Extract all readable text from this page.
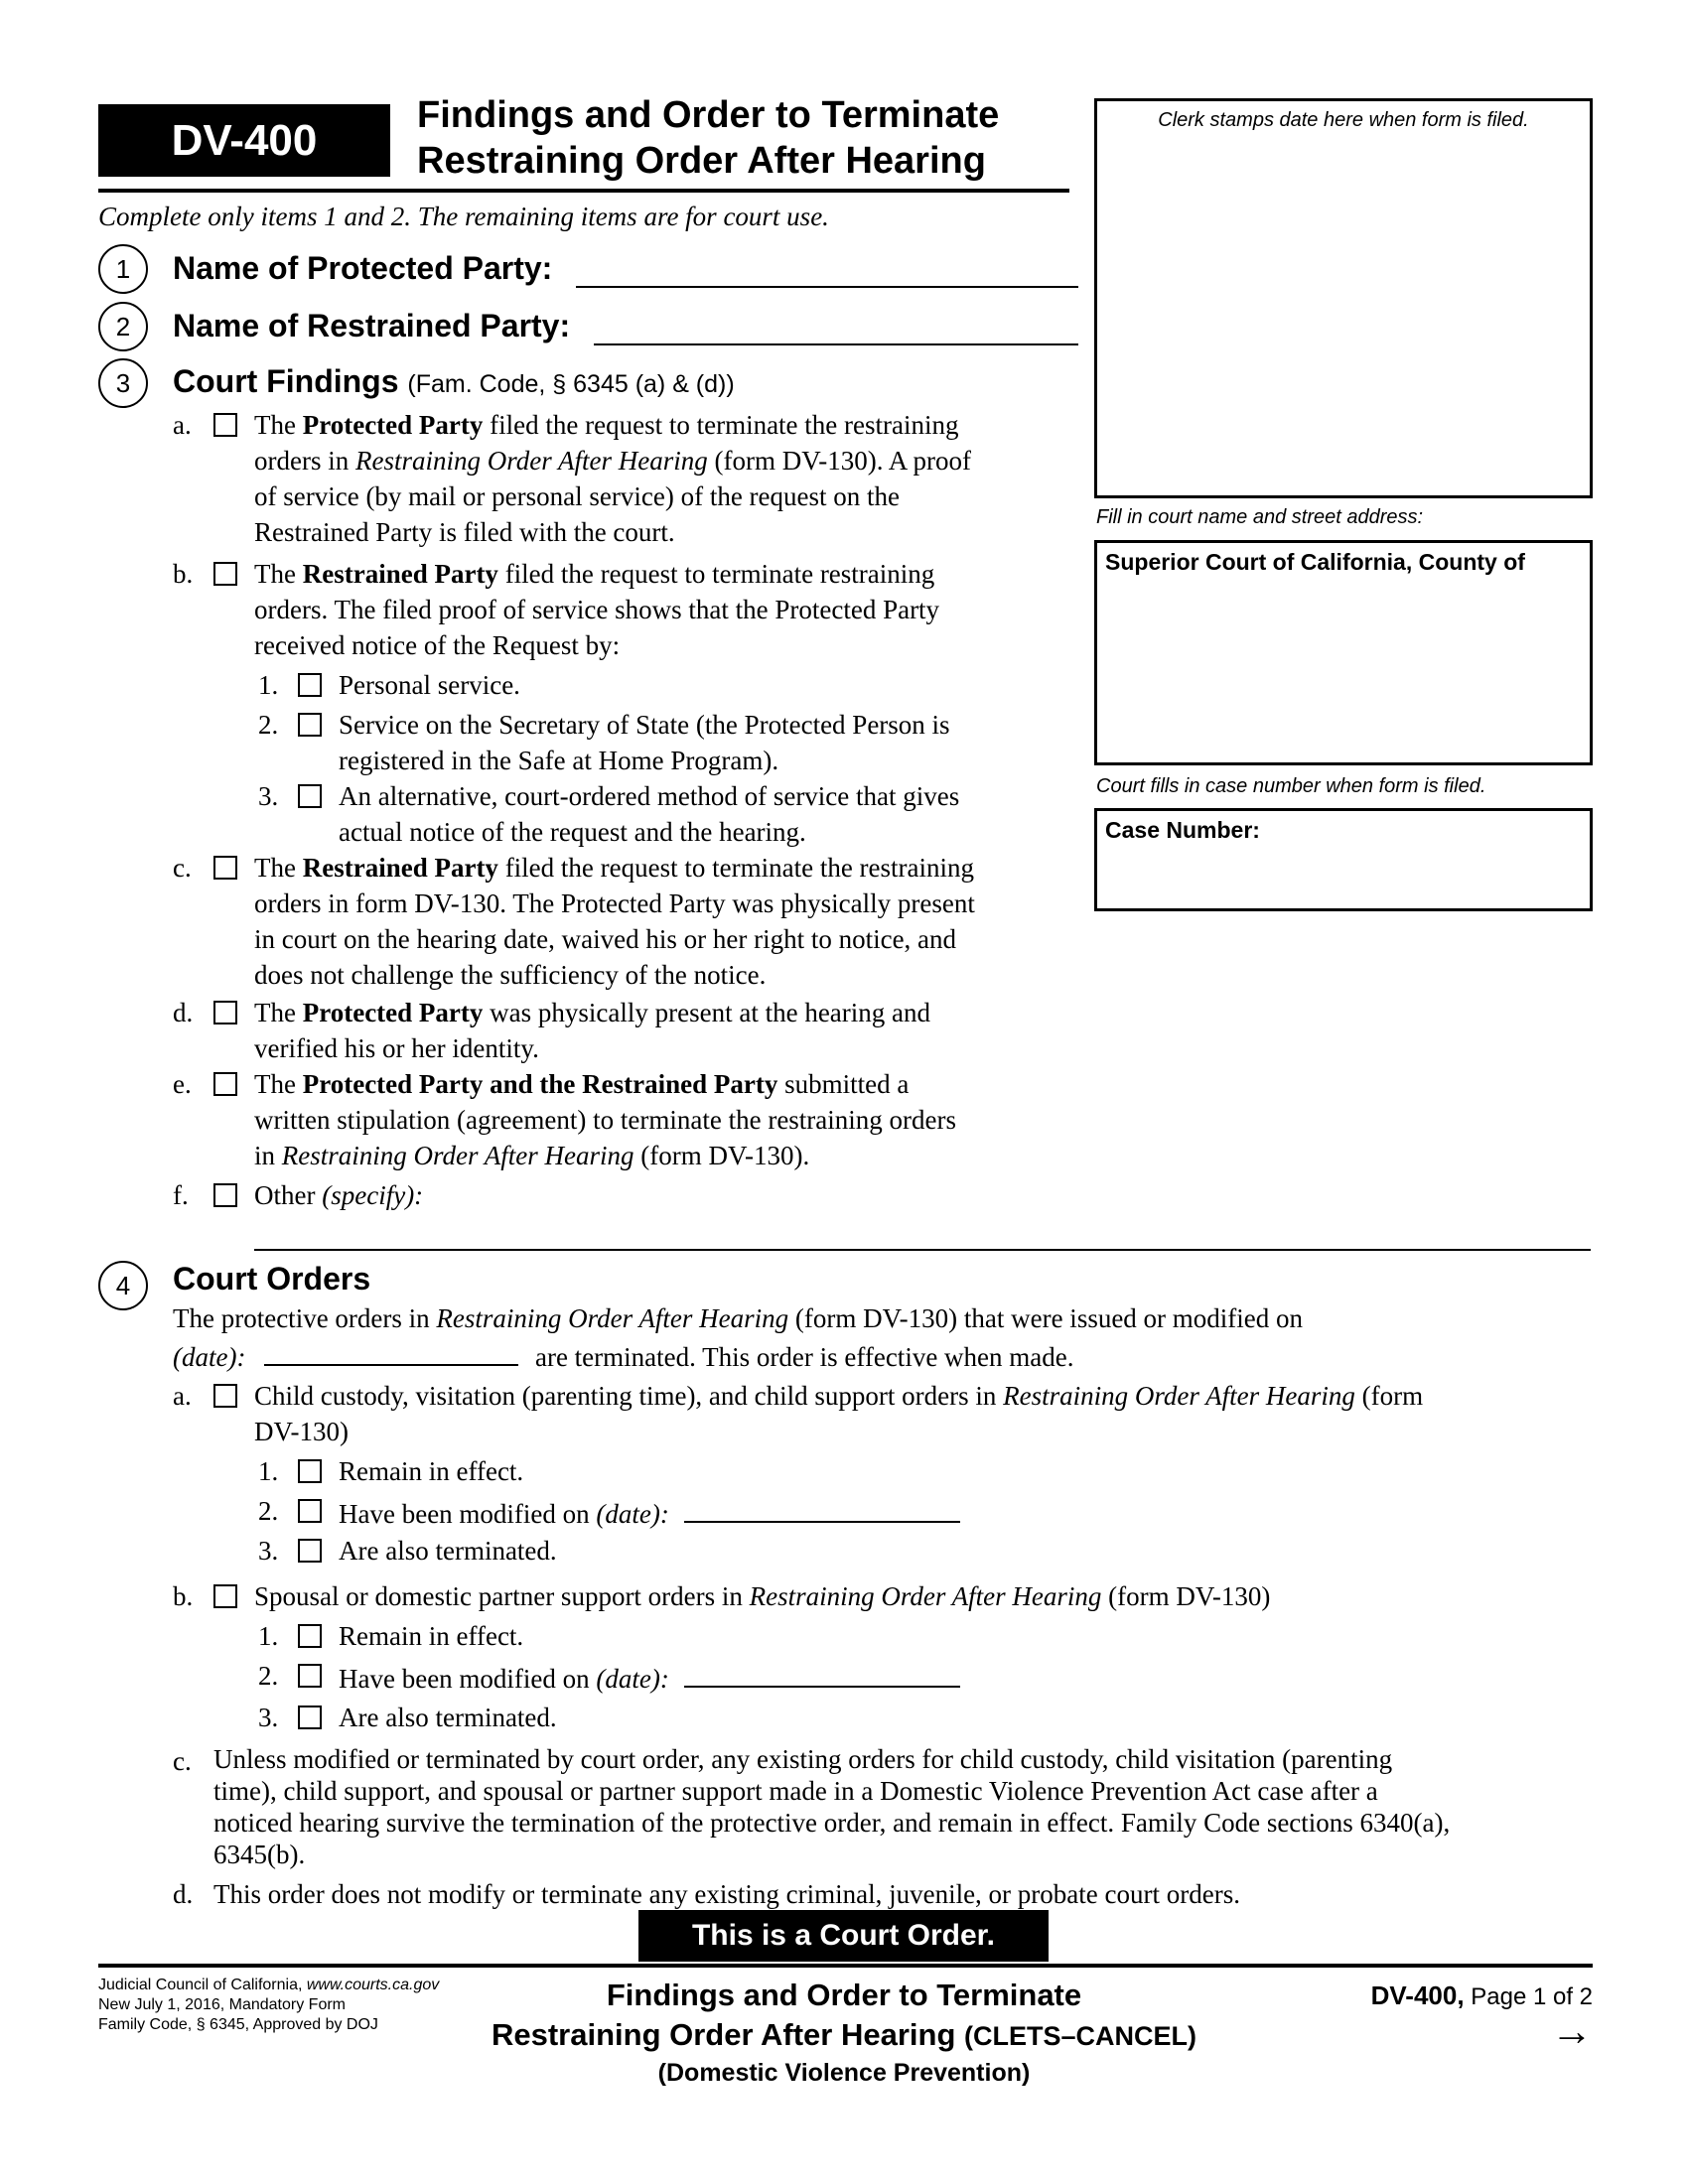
DV-400
Findings and Order to Terminate
Restraining Order After Hearing
Complete only items 1 and 2. The remaining items are for court use.
Clerk stamps date here when form is filed.
Fill in court name and street address:
Superior Court of California, County of
Court fills in case number when form is filed.
Case Number:
1	Name of Protected Party:
2	Name of Restrained Party:
3	Court Findings (Fam. Code, § 6345 (a) & (d))
a. The Protected Party filed the request to terminate the restraining
orders in Restraining Order After Hearing (form DV-130). A proof
of service (by mail or personal service) of the request on the
Restrained Party is filed with the court.
b. The Restrained Party filed the request to terminate restraining
orders. The filed proof of service shows that the Protected Party
received notice of the Request by:
1. Personal service.
2. Service on the Secretary of State (the Protected Person is
registered in the Safe at Home Program).
3. An alternative, court-ordered method of service that gives
actual notice of the request and the hearing.
c. The Restrained Party filed the request to terminate the restraining
orders in form DV-130. The Protected Party was physically present
in court on the hearing date, waived his or her right to notice, and
does not challenge the sufficiency of the notice.
d. The Protected Party was physically present at the hearing and
verified his or her identity.
e. The Protected Party and the Restrained Party submitted a
written stipulation (agreement) to terminate the restraining orders
in Restraining Order After Hearing (form DV-130).
f. Other (specify):
4	Court Orders
The protective orders in Restraining Order After Hearing (form DV-130) that were issued or modified on
(date):	are terminated. This order is effective when made.
a. Child custody, visitation (parenting time), and child support orders in Restraining Order After Hearing (form
DV-130)
1. Remain in effect.
2. Have been modified on (date):
3. Are also terminated.
b. Spousal or domestic partner support orders in Restraining Order After Hearing (form DV-130)
1. Remain in effect.
2. Have been modified on (date):
3. Are also terminated.
c. Unless modified or terminated by court order, any existing orders for child custody, child visitation (parenting
time), child support, and spousal or partner support made in a Domestic Violence Prevention Act case after a
noticed hearing survive the termination of the protective order, and remain in effect. Family Code sections 6340(a),
6345(b).
d. This order does not modify or terminate any existing criminal, juvenile, or probate court orders.
This is a Court Order.
Judicial Council of California, www.courts.ca.gov
New July 1, 2016, Mandatory Form
Family Code, § 6345, Approved by DOJ
Findings and Order to Terminate
Restraining Order After Hearing (CLETS–CANCEL)
(Domestic Violence Prevention)
DV-400, Page 1 of 2
→
